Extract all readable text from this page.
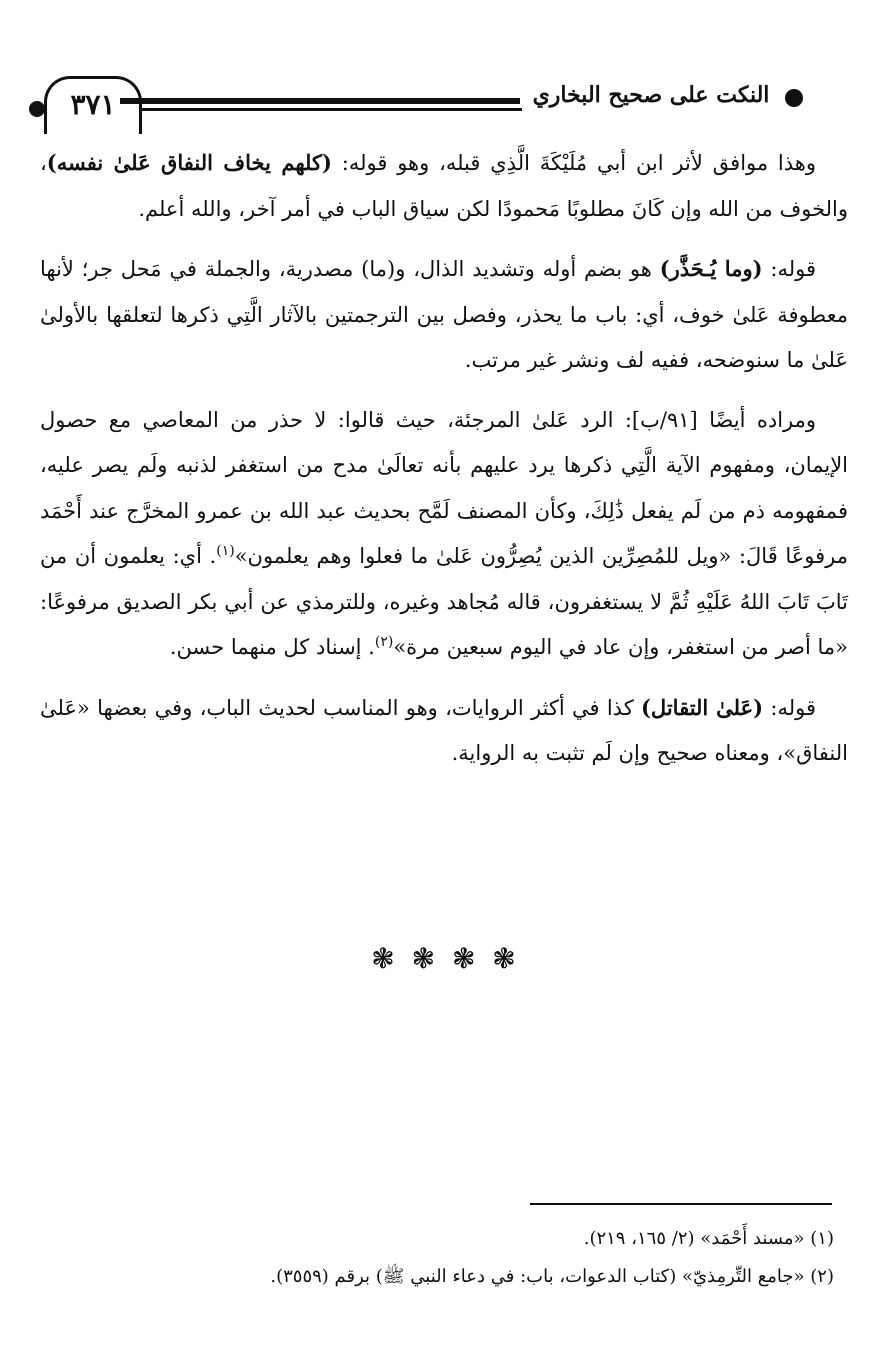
النكت على صحيح البخاري
٣٧١

وهذا موافق لأثر ابن أبي مُلَيْكَةَ الَّذِي قبله، وهو قوله: (كلهم يخاف النفاق عَلىٰ نفسه)، والخوف من الله وإن كَانَ مطلوبًا مَحمودًا لكن سياق الباب في أمر آخر، والله أعلم.

قوله: (وما يُـحَذَّر) هو بضم أوله وتشديد الذال، و(ما) مصدرية، والجملة في مَحل جر؛ لأنها معطوفة عَلىٰ خوف، أي: باب ما يحذر، وفصل بين الترجمتين بالآثار الَّتِي ذكرها لتعلقها بالأولىٰ عَلىٰ ما سنوضحه، ففيه لف ونشر غير مرتب.

ومراده أيضًا [٩١/ب]: الرد عَلىٰ المرجئة، حيث قالوا: لا حذر من المعاصي مع حصول الإيمان، ومفهوم الآية الَّتِي ذكرها يرد عليهم بأنه تعالَىٰ مدح من استغفر لذنبه ولَم يصر عليه، فمفهومه ذم من لَم يفعل ذَٰلِكَ، وكأن المصنف لَمَّح بحديث عبد الله بن عمرو المخرَّج عند أَحْمَد مرفوعًا قَالَ: «ويل للمُصِرِّين الذين يُصِرُّون عَلىٰ ما فعلوا وهم يعلمون»$^{(١)}$. أي: يعلمون أن من تَابَ تَابَ اللهُ عَلَيْهِ ثُمَّ لا يستغفرون، قاله مُجاهد وغيره، وللترمذي عن أبي بكر الصديق مرفوعًا: «ما أصر من استغفر، وإن عاد في اليوم سبعين مرة»$^{(٢)}$. إسناد كل منهما حسن.

قوله: (عَلىٰ التقاتل) كذا في أكثر الروايات، وهو المناسب لحديث الباب، وفي بعضها «عَلىٰ النفاق»، ومعناه صحيح وإن لَم تثبت به الرواية.

❃ ❃ ❃ ❃
(١) «مسند أَحْمَد» (٢/ ١٦٥، ٢١٩).
(٢) «جامع التِّرمِذيّ» (كتاب الدعوات، باب: في دعاء النبي ﷺ) برقم (٣٥٥٩).
